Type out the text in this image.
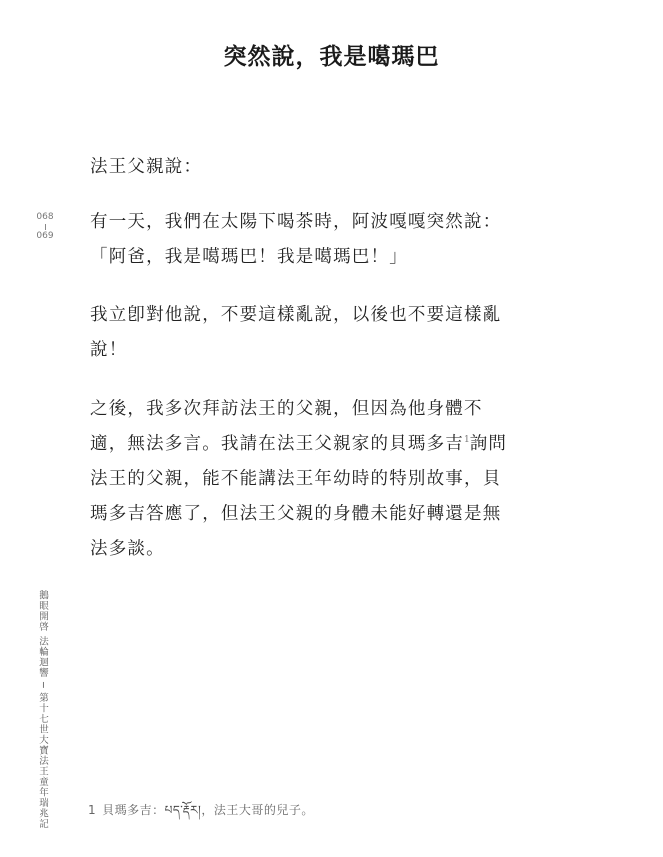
突然說，我是噶瑪巴
068
069

法王父親說：

有一天，我們在太陽下喝茶時，阿波嘎嘎突然說：
「阿爸，我是噶瑪巴！我是噶瑪巴！」

我立卽對他說，不要這樣亂說，以後也不要這樣亂
說！

之後，我多次拜訪法王的父親，但因為他身體不
適，無法多言。我請在法王父親家的貝瑪多吉$^1$詢問
法王的父親，能不能講法王年幼時的特別故事，貝
瑪多吉答應了，但法王父親的身體未能好轉還是無
法多談。

鵝眼開啓 法輪迴響 ─ 第十七世大寶法王童年瑞兆記	1 貝瑪多吉：པད་རྡོར།，法王大哥的兒子。
